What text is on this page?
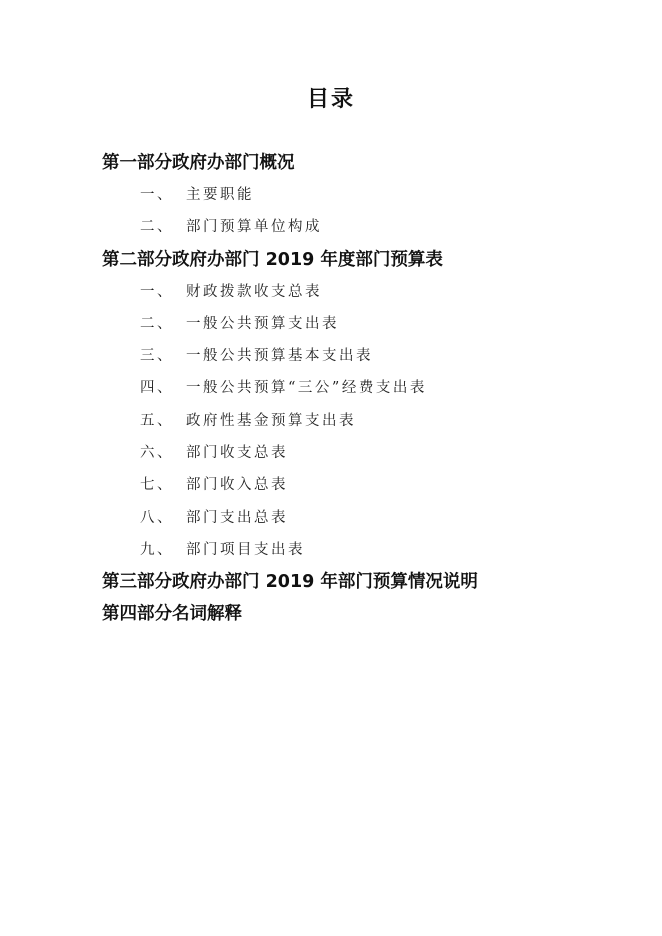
目录
第一部分政府办部门概况
一、 主要职能
二、 部门预算单位构成
第二部分政府办部门 2019 年度部门预算表
一、 财政拨款收支总表
二、 一般公共预算支出表
三、 一般公共预算基本支出表
四、 一般公共预算“三公”经费支出表
五、 政府性基金预算支出表
六、 部门收支总表
七、 部门收入总表
八、 部门支出总表
九、 部门项目支出表
第三部分政府办部门 2019 年部门预算情况说明
第四部分名词解释
